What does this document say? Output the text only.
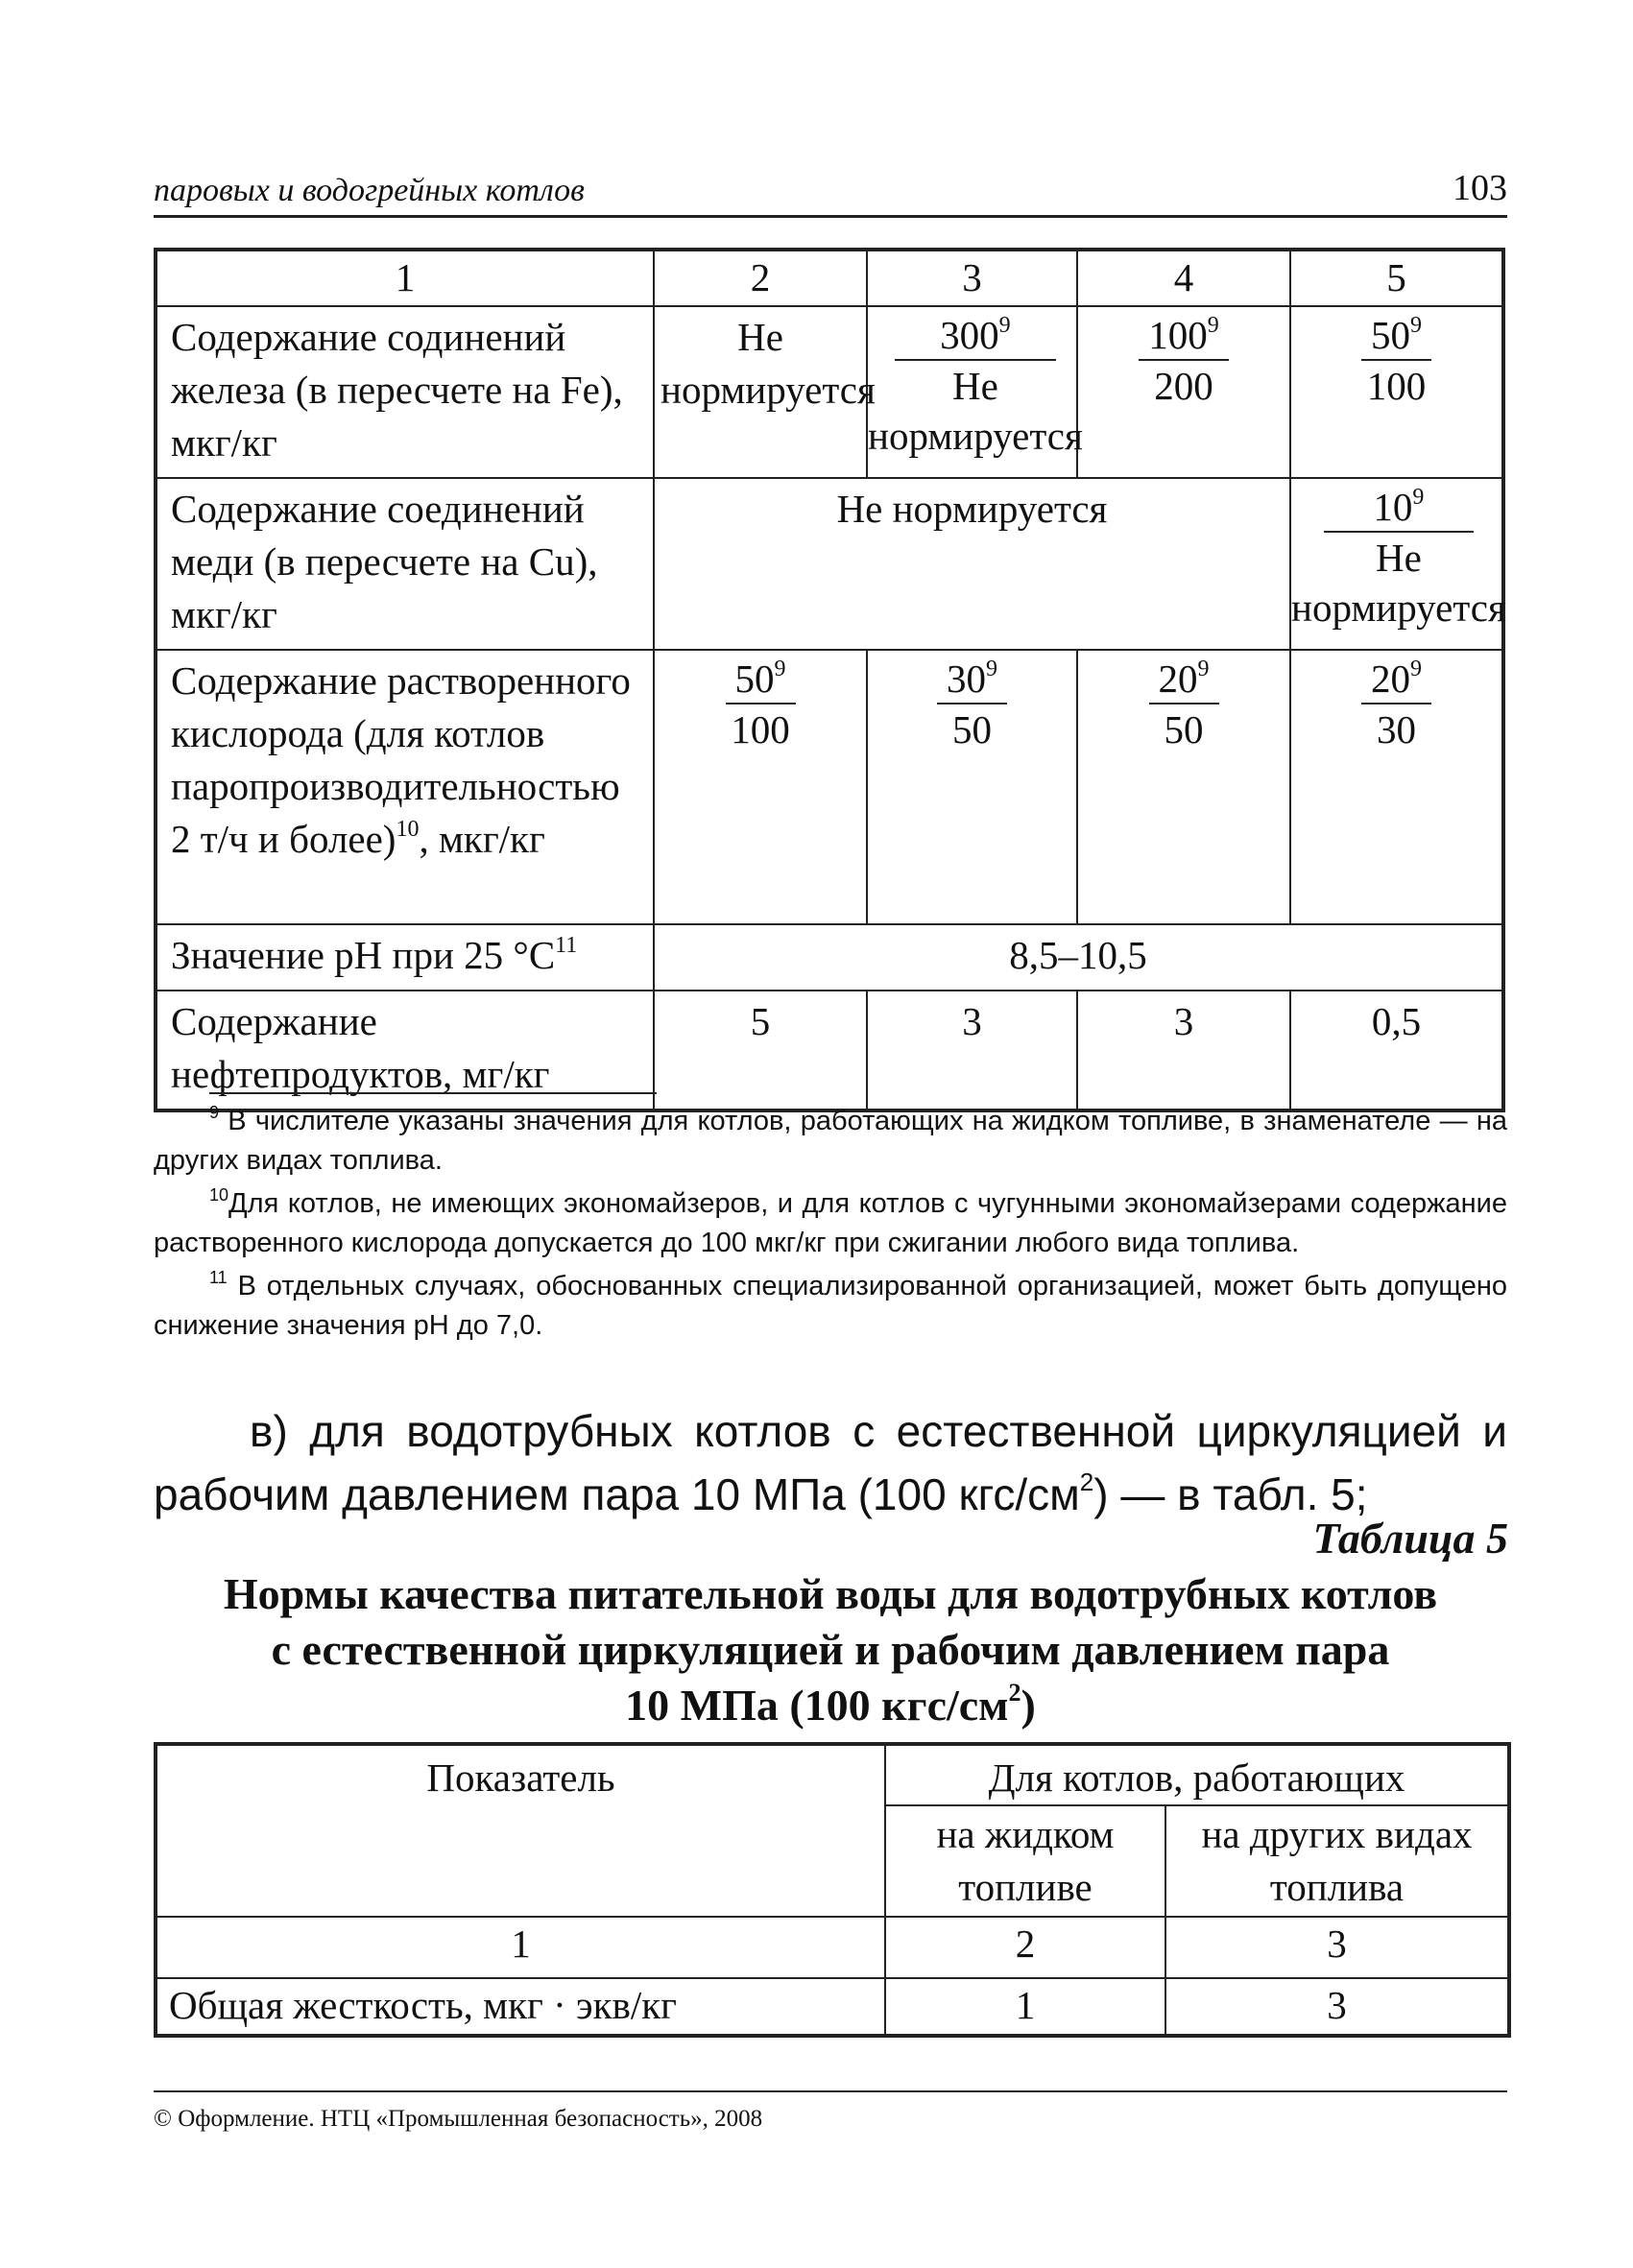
паровых и водогрейных котлов	103
1	2	3	4	5
Содержание содинений железа (в пересчете на Fe), мкг/кг	Не нормируется	$\frac{300^9}{\text{Не нормируется}}$	$\frac{100^9}{200}$	$\frac{50^9}{100}$

Содержание соединений меди (в пересчете на Cu), мкг/кг	Не нормируется			$\frac{10^9}{\text{Не нормируется}}$

Содержание растворенного кислорода (для котлов паропроизводительностью 2 т/ч и более)$^{10}$, мкг/кг	$\frac{50^9}{100}$	$\frac{30^9}{50}$	$\frac{20^9}{50}$	$\frac{20^9}{30}$

Значение pH при 25 $^\circ С^{11}$	8,5–10,5			
Содержание нефтепродуктов, мг/кг	5	3	3	0,5

$^9$ В числителе указаны значения для котлов, работающих на жидком топливе, в знаменателе — на других видах топлива.

$^{10}$Для котлов, не имеющих экономайзеров, и для котлов с чугунными экономайзерами содержание растворенного кислорода допускается до 100 мкг/кг при сжигании любого вида топлива.

$^{11}$ В отдельных случаях, обоснованных специализированной организацией, может быть допущено снижение значения pH до 7,0.

в) для водотрубных котлов с естественной циркуляцией и рабочим давлением пара 10 МПа (100 кгс/$см^2$) — в табл. 5;

Таблица 5
Нормы качества питательной воды для водотрубных котлов
с естественной циркуляцией и рабочим давлением пара
10 МПа (100 кгс/$см^2$)
Показатель	Для котлов, работающих	
	на жидком топливе	на других видах топлива
1	2	3
Общая жесткость, мкг · экв/кг	1	3
© Оформление. НТЦ «Промышленная безопасность», 2008
